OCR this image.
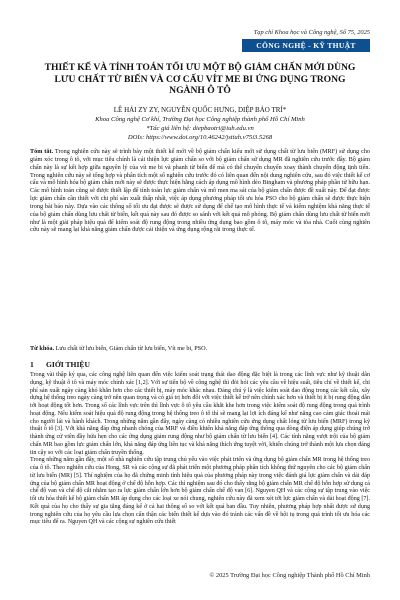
Tạp chí Khoa học và Công nghệ, Số 75, 2025
CÔNG NGHỆ - KỸ THUẬT
THIẾT KẾ VÀ TÍNH TOÁN TỐI ƯU MỘT BỘ GIẢM CHẤN MỚI DÙNG LƯU CHẤT TỪ BIẾN VÀ CƠ CẤU VÍT ME BI ỨNG DỤNG TRONG NGÀNH Ô TÔ
LÊ HẢI ZY ZY, NGUYỄN QUỐC HƯNG, DIỆP BẢO TRÍ*
Khoa Công nghệ Cơ khí, Trường Đại học Công nghiệp thành phố Hồ Chí Minh
*Tác giả liên hệ: diepbaotri@iuh.edu.vn
DOIs: https://www.doi.org/10.46242/jstiuh.v75i3.5268

Tóm tắt. Trong nghiên cứu này sẽ trình bày một thiết kế mới về bộ giảm chấn kiểu mới sử dụng chất từ lưu biến (MRF) sử dụng cho giảm xóc trong ô tô, với mục tiêu chính là cải thiện lực giảm chấn so với bộ giảm chấn sử dụng MR đã nghiên cứu trước đây. Bộ giảm chấn này là sự kết hợp giữa nguyên lý của vít me bi và phanh từ biến để mà có thể chuyển chuyển xoay thành chuyển động tịnh tiến. Trong nghiên cứu này sẽ tổng hợp và phân tích một số nghiên cứu trước đó có liên quan đến nội dung nghiên cứu, sau đó việc thiết kế cơ cấu và mô hình hóa bộ giảm chấn mới này sẽ được thực hiện hằng cách áp dụng mô hình dẻo Bingham và phương pháp phần tử hữu hạn. Các mô hình toán cũng sẽ được thiết lập để tính toán lực giảm chấn và mô men ma sát của bộ giảm chấn được đề xuất này. Để đạt được lực giảm chấn cần thiết với chi phí sản xuất thấp nhất, việc áp dụng phương pháp tối ưu hóa PSO cho bộ giảm chấn sẽ được thực hiện trong bài báo này. Dựa vào các thông số tối ưu đạt được sẽ được sử dụng để chế tạo mô hình thực tế và kiểm nghiệm khả năng thực tế của bộ giảm chấn dùng lưu chất từ biến, kết quả này sau đó được so sánh với kết quả mô phỏng. Bộ giảm chấn dùng lưu chất từ biến mới như là một giải pháp hiệu quả để kiểm soát độ rung động trong nhiều ứng dụng bao gồm ô tô, máy móc và tòa nhà. Cuối cùng nghiên cứu này sẽ mang lại khả năng giảm chấn được cải thiện và ứng dụng rộng rãi trong thực tế.

Từ khóa. Lưu chất từ lưu biến, Giảm chấn từ lưu biến, Vít me bi, PSO.

1 GIỚI THIỆU

Trong vài thập kỷ qua, các công nghệ liên quan đến việc kiểm soát trạng thái dao động đặc biệt là trong các lĩnh vực như kỹ thuật dân dụng, kỹ thuật ô tô và máy móc chính xác [1,2]. Với sự tiến bộ về công nghệ thì đòi hỏi các yêu cầu về hiệu suất, tiêu chí về thiết kế, chi phí sản xuất ngày càng khó khăn hơn cho các thiết bị, máy móc khác nhau. Đáng chú ý là việc kiểm soát dao động trong các kết cấu, xây dựng hệ thống treo ngày càng trở nên quan trọng và có giá trị hơn đối với việc thiết kế trở nên chính xác hơn và thiết bị ít bị rung động dẫn tới hoạt động tốt hơn. Trong số các lĩnh vực trên thì lĩnh vực ô tô yêu cầu khắt khe hơn trong việc kiểm soát độ rung động trong quá trình hoạt động. Nếu kiểm soát hiệu quả độ rung động trong hệ thống treo ô tô thì sẽ mang lại lợi ích đáng kể như năng cao cảm giác thoải mái cho người lái và hành khách. Trong những năm gần đây, ngày càng có nhiều nghiên cứu ứng dụng chất lỏng từ lưu biến (MRF) trong kỹ thuật ô tô [3]. Với khả năng đáp ứng nhanh chóng của MRF và điều khiển khả năng đáp ứng thông qua dòng điện áp dụng giúp chúng trở thành ứng cử viên đầy hứa hẹn cho các ứng dụng giảm rung động như bộ giảm chấn từ lưu biến [4]. Các tính năng vượt trội của bộ giảm chấn MR bao gồm lực giảm chấn lớn, khả năng đáp ứng liên tục và khả năng thích ứng tuyệt vời, khiến chúng trở thành một lựa chọn đáng tin cậy so với các loại giảm chấn truyền thống.

Trong những năm gần đây, một số nhà nghiên cứu tập trung chủ yếu vào việc phát triển và ứng dụng bộ giảm chấn MR trong hệ thống treo của ô tô. Theo nghiên cứu của Hong, SR và các cộng sự đã phát triển một phương pháp phân tích không thứ nguyên cho các bộ giảm chấn từ lưu biến (MR) [5]. Thí nghiệm của họ đã chứng minh tính hiệu quả của phương pháp này trong việc đánh giá lực giảm chấn và dải đáp ứng của bộ giảm chấn MR hoạt động ở chế độ hỗn hợp. Các thí nghiệm sau đó cho thấy rằng bộ giảm chấn MR chế độ hỗn hợp sử dụng cả chế độ van và chế độ cắt nhằm tạo ra lực giảm chấn lớn hơn bộ giảm chấn chế độ van [6]. Nguyen QH và các cộng sự tập trung vào việc tối ưu hóa thiết kế bộ giảm chấn MR áp dụng cho các loại xe nói chung, nghiên cứu này đã xem xét tới lực giảm chấn và dải hoạt động [7]. Kết quả của họ cho thấy sự gia tăng đáng kể ở cả hai thông số so với kết quả ban đầu. Tuy nhiên, phương pháp hợp nhất được sử dụng trong nghiên cứu của họ yêu cầu lựa chọn cẩn thận các biến thiết kế dựa vào đó tránh các vấn đề về hội tụ trong quá trình tối ưu hóa các mục tiêu để ra. Nguyen QH và các cộng sự nghiên cứu thiết

© 2025 Trường Đại học Công nghiệp Thành phố Hồ Chí Minh
